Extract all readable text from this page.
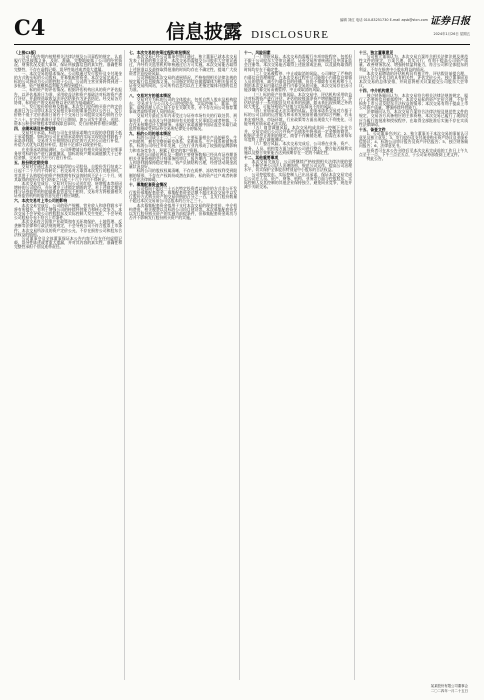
C4	信息披露 DISCLOSURE
编辑 刘红 电话 010-83251730 E-mail zqsb@stcn.com 证券日报
2024年1月26日 星期五

（上接C3版）

公司于报告期内按照相关法律法规及公司章程的规定，认真履行信息披露义务，及时、准确、完整地披露了公司的经营情况、财务状况及重大事项，保证所披露信息的真实性、准确性和完整性，不存在虚假记载、误导性陈述或者重大遗漏。

一、本次交易的基本情况。公司拟通过发行股份及支付现金的方式购买标的公司股权，并募集配套资金。本次交易完成后，标的公司将成为公司的控股子公司，公司的主营业务将得到进一步拓展，资产规模和盈利能力将得到提升。

二、标的资产的评估情况。根据评估机构出具的资产评估报告，以评估基准日为准，采用收益法和资产基础法对标的资产进行评估，并最终选取收益法评估结果作为评估结论。经交易各方协商，标的资产的交易价格以评估值为基础确定。

三、发行股份的价格及数量。本次发行股份购买资产的定价基准日为公司审议本次交易相关事项的董事会决议公告日，发行价格不低于定价基准日前若干个交易日公司股票交易均价的百分之八十。在定价基准日至发行日期间，如公司发生派息、送股、资本公积金转增股本等除权除息事项，发行价格将作相应调整。

四、业绩承诺及补偿安排

交易对方承诺，标的公司在业绩承诺期内实现的净利润不低于承诺数额。如标的公司在业绩承诺期内实际实现的净利润低于承诺净利润，交易对方应按照协议约定的方式对公司进行补偿，补偿方式优先以股份补偿，股份不足部分以现金补偿。

在业绩承诺期届满时，公司将聘请具有相关资质的会计师事务所对标的资产进行减值测试，如标的资产期末减值额大于已补偿金额，交易对方应另行进行补偿。

五、股份锁定期安排

交易对方通过本次交易取得的公司股份，自股份发行结束之日起十二个月内不得转让；若交易对方取得本次发行的股份时，对其用于认购股份的资产持续拥有权益的时间不足十二个月，则其取得的股份自发行结束之日起三十六个月内不得转让。

本次交易完成后，交易对方因公司送红股、转增股本等原因增持的公司股份，亦应遵守上述锁定期的约定。若上述锁定期安排与证券监管机构的最新监管意见不相符，交易对方将根据相关证券监管机构的监管意见进行相应调整。

六、本次交易对上市公司的影响

本次交易完成后，公司的资产规模、营业收入和净利润水平将有所提升，有利于增强公司的持续经营能力和核心竞争力。本次交易不会导致公司控股股东及实际控制人发生变化，不会导致公司股权分布不符合上市条件。

本次交易符合国家产业政策和有关环境保护、土地管理、反垄断等法律和行政法规的规定，不会导致公司不符合股票上市条件；本次交易所涉及的资产定价公允，不存在损害公司和股东合法权益的情形。

公司董事会及全体董事保证本公告内容不存在任何虚假记载、误导性陈述或者重大遗漏，并对其内容的真实性、准确性和完整性承担个别及连带责任。

七、本次交易的决策过程和审批情况

本次交易已经公司董事会审议通过，独立董事已就本次交易发表了同意的独立意见。本次交易尚需提交公司股东大会审议通过，并经有关监管机构审核通过后方可实施。本次交易能否取得上述批准以及最终取得批准的时间均存在不确定性，提请广大投资者注意投资风险。

公司将根据本次交易的进展情况，严格按照相关法律法规的规定履行信息披露义务。公司指定的信息披露媒体为相关报刊及证券交易所网站，公司所有信息均以在上述指定媒体刊登的信息为准。

八、交易对方的基本情况

交易对方为标的公司的全体股东，包括自然人股东及机构股东。交易对方与公司及公司控股股东、实际控制人、董事、监事、高级管理人员之间不存在关联关系，亦不存在向公司推荐董事或者高级管理人员的情况。

交易对方最近五年内未受过与证券市场有关的行政处罚、刑事处罚，亦未涉及与经济纠纷有关的重大民事诉讼或者仲裁，不存在未按期偿还大额债务、未履行承诺或被中国证监会采取行政监管措施或受到证券交易所纪律处分的情况。

九、标的公司的基本情况

标的公司成立于二〇一〇年，主要从事相关产品的研发、生产和销售，拥有完整的研发体系、采购体系、生产体系和销售体系。标的公司经过多年发展，已在行业内形成了较强的品牌影响力和市场竞争力，积累了稳定的客户资源。

标的公司最近两年及一期的主要财务数据已经具有证券期货相关业务资格的会计师事务所审计。报告期内，标的公司营业收入和净利润保持稳定增长，资产负债结构合理，经营活动现金流量状况良好。

标的公司的股权权属清晰，不存在质押、冻结等权利受到限制的情形，不存在产权纠纷或潜在纠纷，标的资产过户或者转移不存在法律障碍。

十、募集配套资金情况

公司拟向不超过三十五名特定投资者以询价的方式非公开发行股份募集配套资金，募集配套资金总额不超过本次交易中以发行股份方式购买资产的交易价格的百分之一百，且发行股份数量不超过本次交易前公司总股本的百分之三十。

本次募集配套资金拟用于支付本次交易的现金对价、中介机构费用、相关税费以及标的公司项目建设等。本次募集配套资金以发行股份购买资产的实施为前提条件，但募集配套资金成功与否并不影响发行股份购买资产的实施。

十一、风险因素

（一）审批风险。本次交易尚需履行多项审批程序，包括但不限于公司股东大会审议通过、证券交易所审核通过及中国证监会注册等。本次交易能否取得上述批准或注册，以及最终取得的时间均存在不确定性。

（二）交易被暂停、中止或取消的风险。公司制定了严格的内幕信息管理制度，在本次交易过程中尽可能缩小内幕信息知情人员的范围，减少内幕信息的传播，但仍不排除有关机构和个人利用本次交易内幕信息进行内幕交易的可能，本次交易存在因可能涉嫌内幕交易而被暂停、中止或取消的风险。

（三）标的资产估值风险。本次交易中，评估机构采用收益法对标的资产进行评估，评估值较账面净资产增值幅度较大。评估结论基于一系列假设及对未来的预测，如未来出现预期之外的较大变化，可能导致资产估值与实际情况不符的风险。

（四）业绩承诺无法实现的风险。业绩承诺系交易对方基于标的公司目前的运营能力和未来发展前景做出的综合判断，若未来宏观经济、市场环境、行业政策等方面出现重大不利变化，可能导致业绩承诺无法实现。

（五）商誉减值风险。本次交易构成非同一控制下企业合并，交易完成后公司合并资产负债表中将形成一定金额的商誉。根据企业会计准则的规定，商誉不作摊销处理，但需在未来每年年度终了进行减值测试。

（六）整合风险。本次交易完成后，公司将在业务、资产、财务、人员、机构等方面与标的公司进行整合，整合能否顺利实施以及整合效果能否达到预期存在一定的不确定性。

十二、其他重要事项

本次交易完成后，公司将继续严格按照相关法律法规的要求，不断完善公司法人治理结构，规范公司运作，提高公司治理水平，切实保护全体股东特别是中小股东的合法权益。

公司控股股东、实际控制人已出具承诺，保证本次交易完成后公司在人员、资产、财务、机构、业务等方面与控股股东、实际控制人及其控制的其他企业保持独立，避免同业竞争，规范并减少关联交易。

十三、独立董事意见

公司独立董事认为，本次交易方案符合相关法律法规及规范性文件的规定，方案合理、切实可行，有利于提高公司资产质量、改善财务状况、增强持续盈利能力，符合公司和全体股东的利益，不存在损害中小股东利益的情况。

本次交易聘请的评估机构具有独立性，评估假设前提合理，评估方法与评估目的具有相关性，评估定价公允。独立董事同意本次交易的总体安排，并同意将相关议案提交公司股东大会审议。

十四、中介机构意见

独立财务顾问认为，本次交易符合相关法律法规的规定，履行了必要的信息披露程序；本次交易标的资产定价合理，不存在损害上市公司及股东合法权益的情形；本次交易有利于提高上市公司资产质量，增强持续经营能力。

法律顾问认为，本次交易方案符合法律法规及规范性文件的规定，交易各方具备相应的主体资格，本次交易已履行了现阶段应当履行的批准和授权程序，在取得全部批准后实施不存在实质性法律障碍。

十五、备查文件

1、公司董事会决议；2、独立董事关于本次交易的事前认可意见及独立意见；3、发行股份及支付现金购买资产协议及业绩补偿协议；4、标的公司审计报告及资产评估报告；5、独立财务顾问报告；6、法律意见书。

投资者可在本公告刊登后至本次交易完成前的工作日上午九点至十一点，下午三点至五点，于公司证券部查阅上述文件。

特此公告。

某某股份有限公司董事会
二〇二四年一月二十五日
